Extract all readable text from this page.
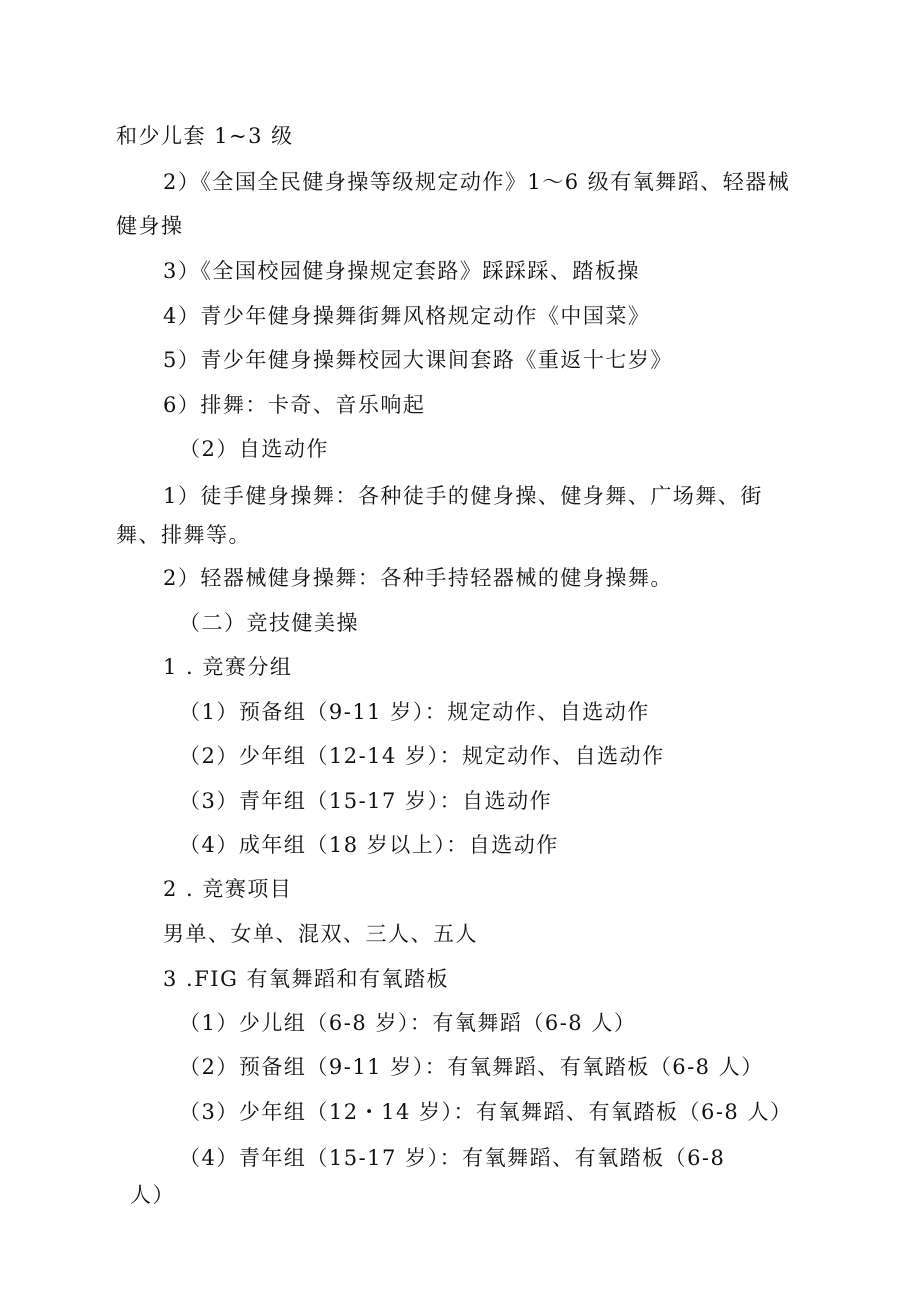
和少儿套 1~3 级

2）《全国全民健身操等级规定动作》1～6 级有氧舞蹈、轻器械

健身操

3）《全国校园健身操规定套路》踩踩踩、踏板操

4）青少年健身操舞街舞风格规定动作《中国菜》

5）青少年健身操舞校园大课间套路《重返十七岁》

6）排舞：卡奇、音乐响起

（2）自选动作

1）徒手健身操舞：各种徒手的健身操、健身舞、广场舞、街

舞、排舞等。

2）轻器械健身操舞：各种手持轻器械的健身操舞。

（二）竞技健美操

1 . 竞赛分组

（1）预备组（9-11 岁）：规定动作、自选动作

（2）少年组（12-14 岁）：规定动作、自选动作

（3）青年组（15-17 岁）：自选动作

（4）成年组（18 岁以上）：自选动作

2 . 竞赛项目

男单、女单、混双、三人、五人

3 .FIG 有氧舞蹈和有氧踏板

（1）少儿组（6-8 岁）：有氧舞蹈（6-8 人）

（2）预备组（9-11 岁）：有氧舞蹈、有氧踏板（6-8 人）

（3）少年组（12・14 岁）：有氧舞蹈、有氧踏板（6-8 人）

（4）青年组（15-17 岁）：有氧舞蹈、有氧踏板（6-8

人）
